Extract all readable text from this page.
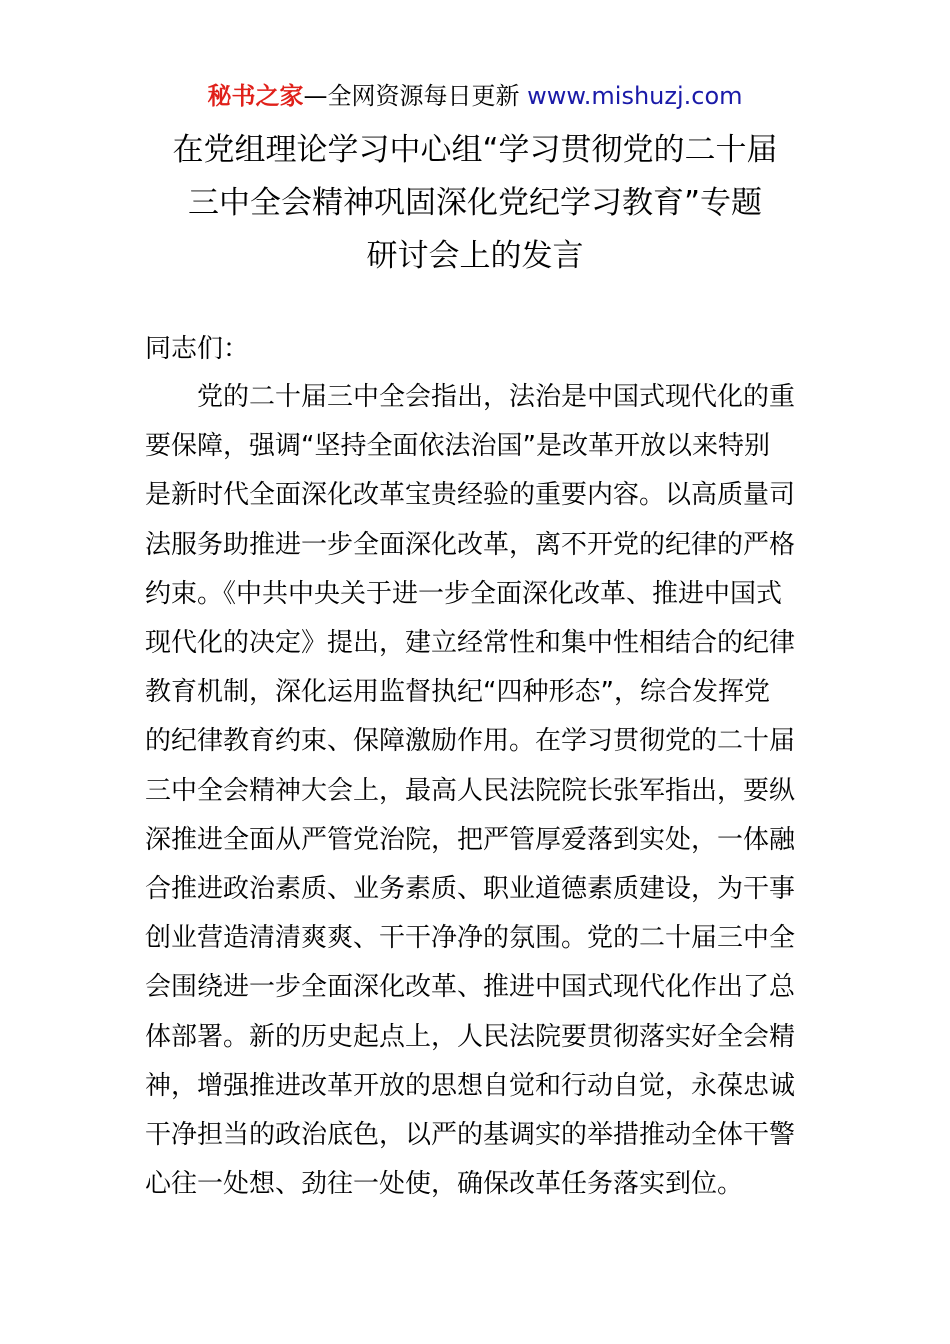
秘书之家—全网资源每日更新 www.mishuzj.com
在党组理论学习中心组“学习贯彻党的二十届
三中全会精神巩固深化党纪学习教育”专题
研讨会上的发言
同志们：
党的二十届三中全会指出，法治是中国式现代化的重
要保障，强调“坚持全面依法治国”是改革开放以来特别
是新时代全面深化改革宝贵经验的重要内容。以高质量司
法服务助推进一步全面深化改革，离不开党的纪律的严格
约束。《中共中央关于进一步全面深化改革、推进中国式
现代化的决定》提出，建立经常性和集中性相结合的纪律
教育机制，深化运用监督执纪“四种形态”，综合发挥党
的纪律教育约束、保障激励作用。在学习贯彻党的二十届
三中全会精神大会上，最高人民法院院长张军指出，要纵
深推进全面从严管党治院，把严管厚爱落到实处，一体融
合推进政治素质、业务素质、职业道德素质建设，为干事
创业营造清清爽爽、干干净净的氛围。党的二十届三中全
会围绕进一步全面深化改革、推进中国式现代化作出了总
体部署。新的历史起点上，人民法院要贯彻落实好全会精
神，增强推进改革开放的思想自觉和行动自觉，永葆忠诚
干净担当的政治底色，以严的基调实的举措推动全体干警
心往一处想、劲往一处使，确保改革任务落实到位。
